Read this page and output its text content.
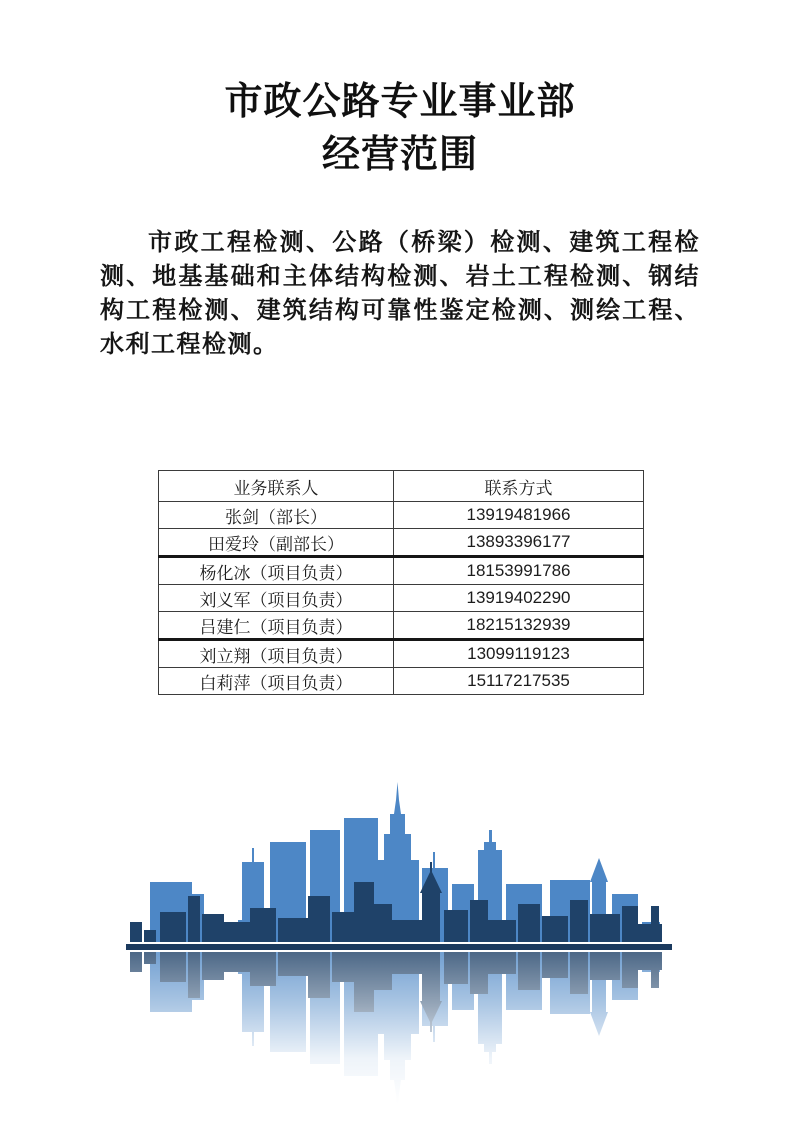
市政公路专业事业部
经营范围

市政工程检测、公路（桥梁）检测、建筑工程检测、地基基础和主体结构检测、岩土工程检测、钢结构工程检测、建筑结构可靠性鉴定检测、测绘工程、水利工程检测。

业务联系人	联系方式
张剑（部长）	13919481966
田爱玲（副部长）	13893396177
杨化冰（项目负责）	18153991786
刘义军（项目负责）	13919402290
吕建仁（项目负责）	18215132939
刘立翔（项目负责）	13099119123
白莉萍（项目负责）	15117217535
